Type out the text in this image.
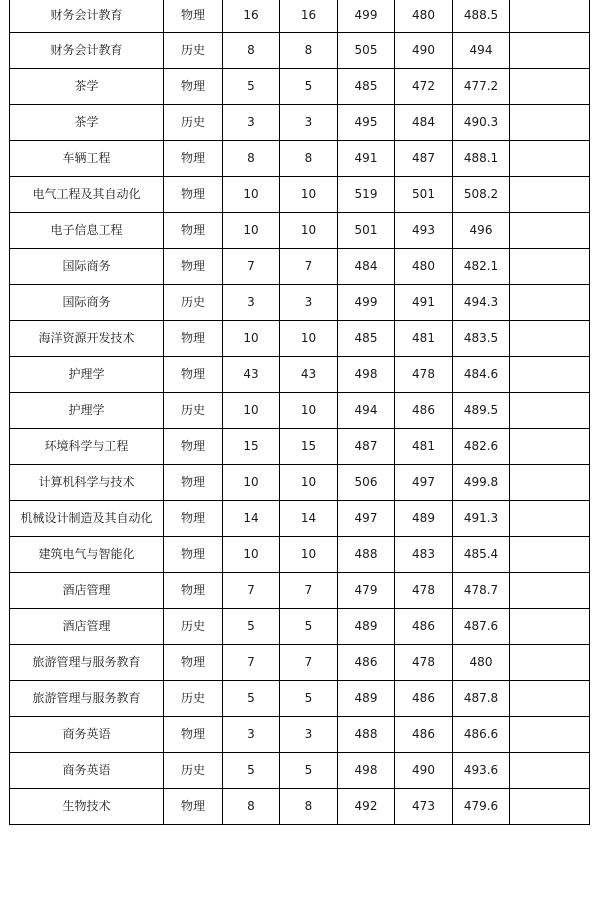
财务会计教育	物理	16	16	499	480	488.5	
财务会计教育	历史	8	8	505	490	494	
茶学	物理	5	5	485	472	477.2	
茶学	历史	3	3	495	484	490.3	
车辆工程	物理	8	8	491	487	488.1	
电气工程及其自动化	物理	10	10	519	501	508.2	
电子信息工程	物理	10	10	501	493	496	
国际商务	物理	7	7	484	480	482.1	
国际商务	历史	3	3	499	491	494.3	
海洋资源开发技术	物理	10	10	485	481	483.5	
护理学	物理	43	43	498	478	484.6	
护理学	历史	10	10	494	486	489.5	
环境科学与工程	物理	15	15	487	481	482.6	
计算机科学与技术	物理	10	10	506	497	499.8	
机械设计制造及其自动化	物理	14	14	497	489	491.3	
建筑电气与智能化	物理	10	10	488	483	485.4	
酒店管理	物理	7	7	479	478	478.7	
酒店管理	历史	5	5	489	486	487.6	
旅游管理与服务教育	物理	7	7	486	478	480	
旅游管理与服务教育	历史	5	5	489	486	487.8	
商务英语	物理	3	3	488	486	486.6	
商务英语	历史	5	5	498	490	493.6	
生物技术	物理	8	8	492	473	479.6	
